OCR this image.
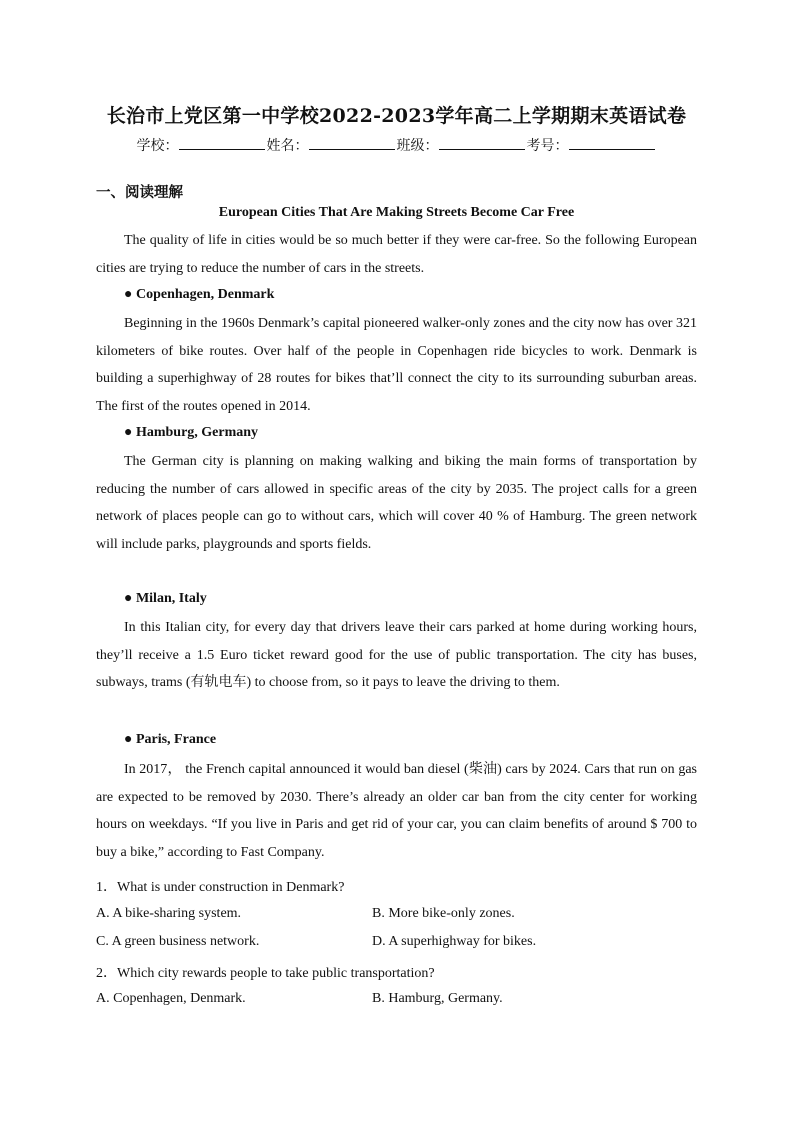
长治市上党区第一中学校2022-2023学年高二上学期期末英语试卷
学校：	姓名：	班级：	考号：
一、阅读理解
European Cities That Are Making Streets Become Car Free
The quality of life in cities would be so much better if they were car-free. So the following European cities are trying to reduce the number of cars in the streets.
● Copenhagen, Denmark
Beginning in the 1960s Denmark’s capital pioneered walker-only zones and the city now has over 321 kilometers of bike routes. Over half of the people in Copenhagen ride bicycles to work. Denmark is building a superhighway of 28 routes for bikes that’ll connect the city to its surrounding suburban areas. The first of the routes opened in 2014.
● Hamburg, Germany
The German city is planning on making walking and biking the main forms of transportation by reducing the number of cars allowed in specific areas of the city by 2035. The project calls for a green network of places people can go to without cars, which will cover 40 % of Hamburg. The green network will include parks, playgrounds and sports fields.
● Milan, Italy
In this Italian city, for every day that drivers leave their cars parked at home during working hours, they’ll receive a 1.5 Euro ticket reward good for the use of public transportation. The city has buses, subways, trams (有轨电车) to choose from, so it pays to leave the driving to them.
● Paris, France
In 2017， the French capital announced it would ban diesel (柴油) cars by 2024. Cars that run on gas are expected to be removed by 2030. There’s already an older car ban from the city center for working hours on weekdays. “If you live in Paris and get rid of your car, you can claim benefits of around $ 700 to buy a bike,” according to Fast Company.
1．What is under construction in Denmark?
A. A bike-sharing system.	B. More bike-only zones.
C. A green business network.	D. A superhighway for bikes.
2．Which city rewards people to take public transportation?
A. Copenhagen, Denmark.	B. Hamburg, Germany.
